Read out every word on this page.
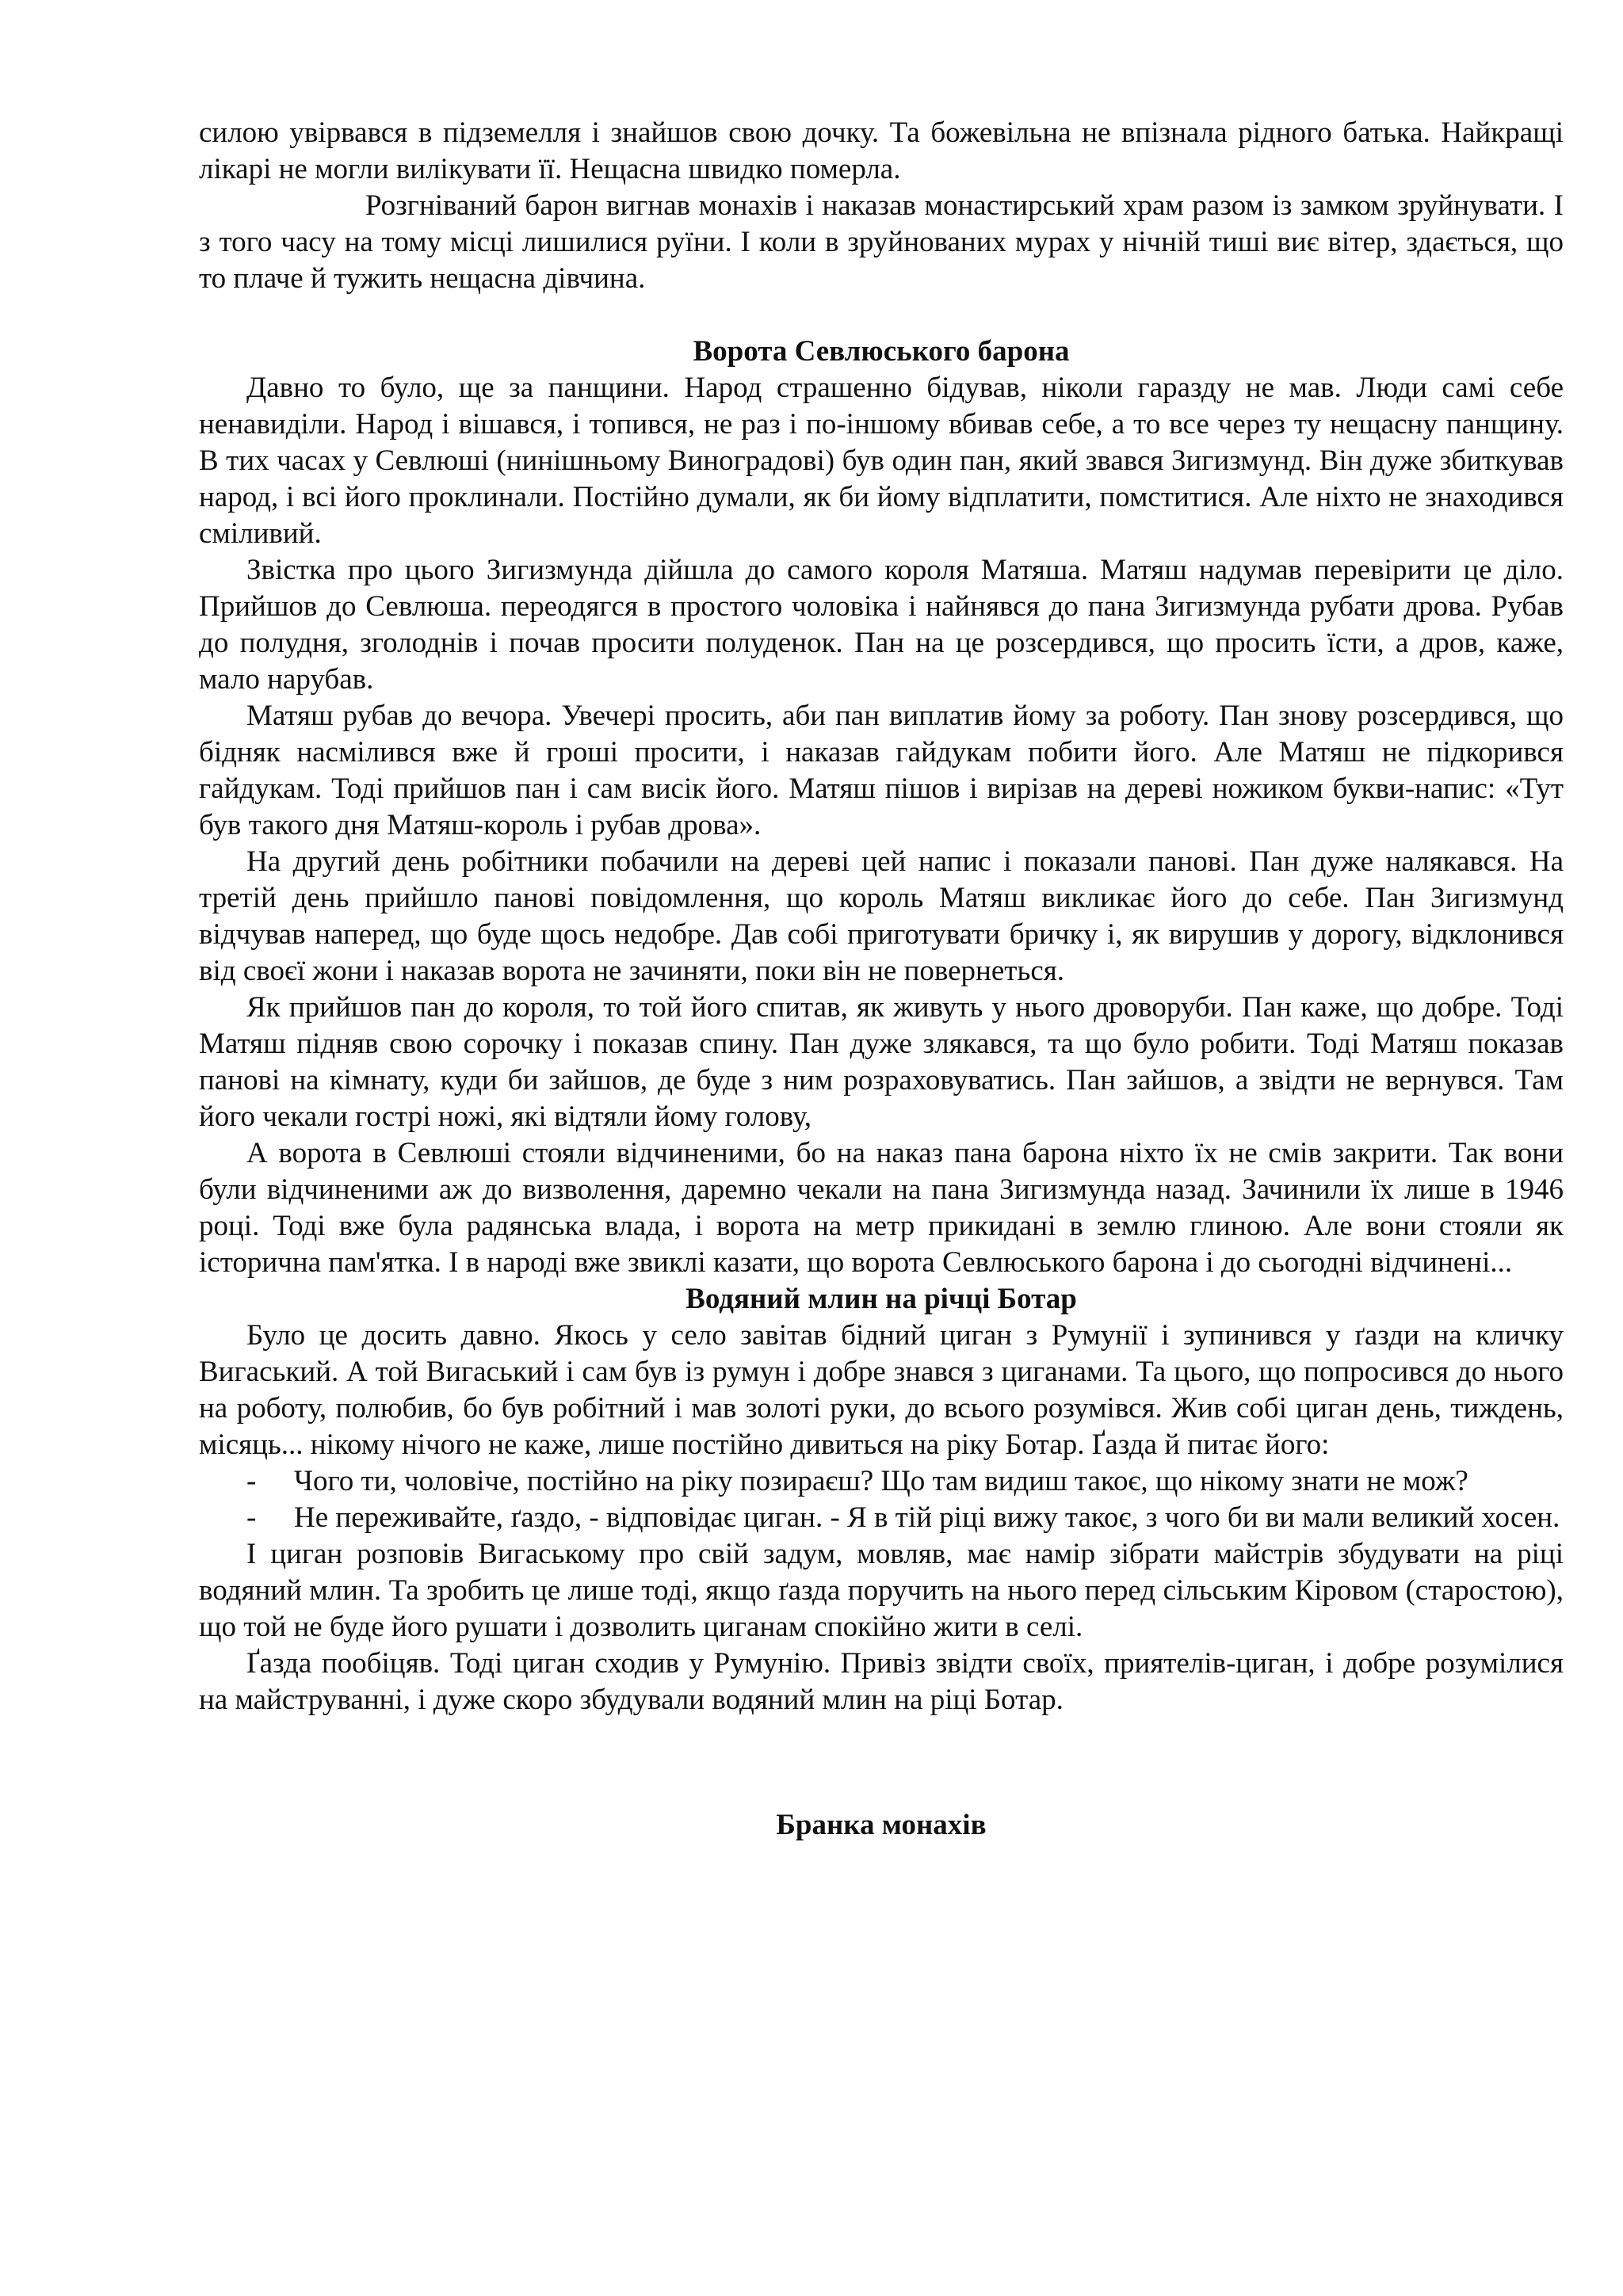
силою увірвався в підземелля і знайшов свою дочку. Та божевільна не впізнала рідного батька. Найкращі лікарі не могли вилікувати її. Нещасна швидко померла.

Розгніваний барон вигнав монахів і наказав монастирський храм разом із замком зруйнувати. І з того часу на тому місці лишилися руїни. І коли в зруйнованих мурах у нічній тиші виє вітер, здається, що то плаче й тужить нещасна дівчина.

Ворота Севлюського барона

Давно то було, ще за панщини. Народ страшенно бідував, ніколи гаразду не мав. Люди самі себе ненавиділи. Народ і вішався, і топився, не раз і по-іншому вбивав себе, а то все через ту нещасну панщину. В тих часах у Севлюші (нинішньому Виноградові) був один пан, який звався Зигизмунд. Він дуже збиткував народ, і всі його проклинали. Постійно думали, як би йому відплатити, помститися. Але ніхто не знаходився сміливий.

Звістка про цього Зигизмунда дійшла до самого короля Матяша. Матяш надумав перевірити це діло. Прийшов до Севлюша. переодягся в простого чоловіка і найнявся до пана Зигизмунда рубати дрова. Рубав до полудня, зголоднів і почав просити полуденок. Пан на це розсердився, що просить їсти, а дров, каже, мало нарубав.

Матяш рубав до вечора. Увечері просить, аби пан виплатив йому за роботу. Пан знову розсердився, що бідняк насмілився вже й гроші просити, і наказав гайдукам побити його. Але Матяш не підкорився гайдукам. Тоді прийшов пан і сам висік його. Матяш пішов і вирізав на дереві ножиком букви-напис: «Тут був такого дня Матяш-король і рубав дрова».

На другий день робітники побачили на дереві цей напис і показали панові. Пан дуже налякався. На третій день прийшло панові повідомлення, що король Матяш викликає його до себе. Пан Зигизмунд відчував наперед, що буде щось недобре. Дав собі приготувати бричку і, як вирушив у дорогу, відклонився від своєї жони і наказав ворота не зачиняти, поки він не повернеться.

Як прийшов пан до короля, то той його спитав, як живуть у нього дроворуби. Пан каже, що добре. Тоді Матяш підняв свою сорочку і показав спину. Пан дуже злякався, та що було робити. Тоді Матяш показав панові на кімнату, куди би зайшов, де буде з ним розраховуватись. Пан зайшов, а звідти не вернувся. Там його чекали гострі ножі, які відтяли йому голову,

А ворота в Севлюші стояли відчиненими, бо на наказ пана барона ніхто їх не смів закрити. Так вони були відчиненими аж до визволення, даремно чекали на пана Зигизмунда назад. Зачинили їх лише в 1946 році. Тоді вже була радянська влада, і ворота на метр прикидані в землю глиною. Але вони стояли як історична пам'ятка. І в народі вже звиклі казати, що ворота Севлюського барона і до сьогодні відчинені...

Водяний млин на річці Ботар

Було це досить давно. Якось у село завітав бідний циган з Румунії і зупинився у ґазди на кличку Вигаський. А той Вигаський і сам був із румун і добре знався з циганами. Та цього, що попросився до нього на роботу, полюбив, бо був робітний і мав золоті руки, до всього розумівся. Жив собі циган день, тиждень, місяць... нікому нічого не каже, лише постійно дивиться на ріку Ботар. Ґазда й питає його:

- Чого ти, чоловіче, постійно на ріку позираєш? Що там видиш такоє, що нікому знати не мож?

- Не переживайте, ґаздо, - відповідає циган. - Я в тій ріці вижу такоє, з чого би ви мали великий хосен.

І циган розповів Вигаському про свій задум, мовляв, має намір зібрати майстрів збудувати на ріці водяний млин. Та зробить це лише тоді, якщо ґазда поручить на нього перед сільським Кіровом (старостою), що той не буде його рушати і дозволить циганам спокійно жити в селі.

Ґазда пообіцяв. Тоді циган сходив у Румунію. Привіз звідти своїх, приятелів-циган, і добре розумілися на майструванні, і дуже скоро збудували водяний млин на ріці Ботар.

Бранка монахів
